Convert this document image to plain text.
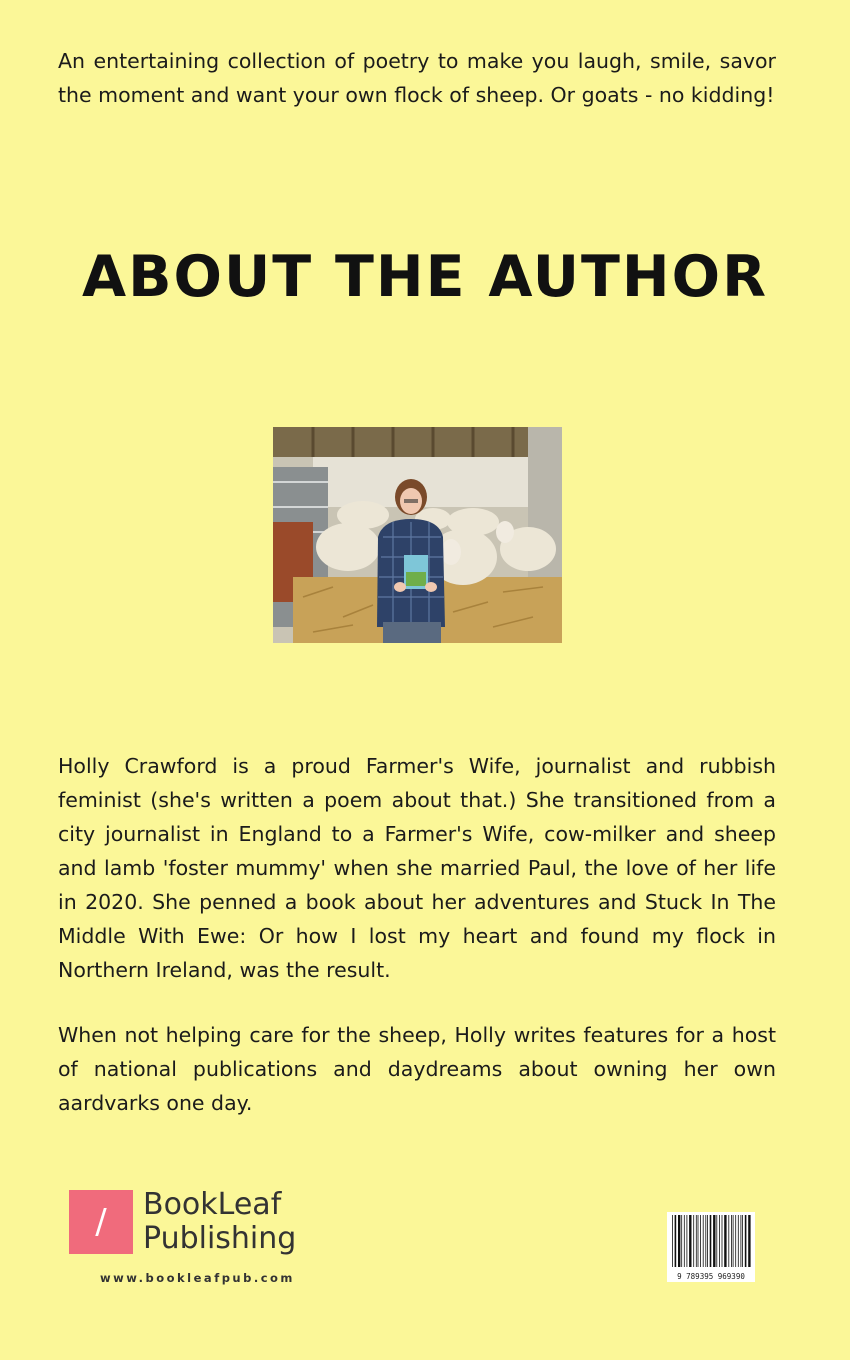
An entertaining collection of poetry to make you laugh, smile, savor the moment and want your own flock of sheep. Or goats - no kidding!

ABOUT THE AUTHOR

Holly Crawford is a proud Farmer's Wife, journalist and rubbish feminist (she's written a poem about that.) She transitioned from a city journalist in England to a Farmer's Wife, cow-milker and sheep and lamb 'foster mummy' when she married Paul, the love of her life in 2020. She penned a book about her adventures and Stuck In The Middle With Ewe: Or how I lost my heart and found my flock in Northern Ireland, was the result.

When not helping care for the sheep, Holly writes features for a host of national publications and daydreams about owning her own aardvarks one day.

/	BookLeaf
Publishing

www.bookleafpub.com	9 789395 969390
